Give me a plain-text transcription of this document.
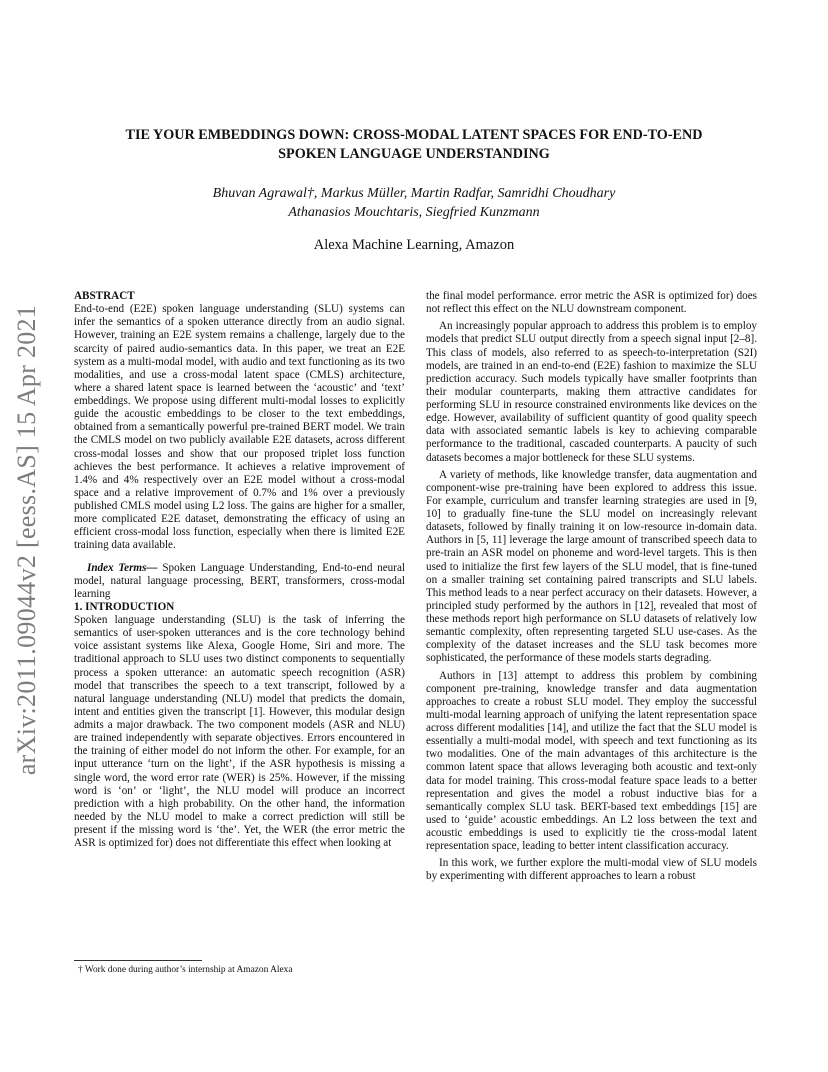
arXiv:2011.09044v2 [eess.AS] 15 Apr 2021
TIE YOUR EMBEDDINGS DOWN: CROSS-MODAL LATENT SPACES FOR END-TO-END
SPOKEN LANGUAGE UNDERSTANDING
Bhuvan Agrawal†, Markus Müller, Martin Radfar, Samridhi Choudhary
Athanasios Mouchtaris, Siegfried Kunzmann
Alexa Machine Learning, Amazon

ABSTRACT

End-to-end (E2E) spoken language understanding (SLU) systems can infer the semantics of a spoken utterance directly from an audio signal. However, training an E2E system remains a challenge, largely due to the scarcity of paired audio-semantics data. In this paper, we treat an E2E system as a multi-modal model, with audio and text functioning as its two modalities, and use a cross-modal latent space (CMLS) architecture, where a shared latent space is learned between the ‘acoustic’ and ‘text’ embeddings. We propose using different multi-modal losses to explicitly guide the acoustic embeddings to be closer to the text embeddings, obtained from a semantically powerful pre-trained BERT model. We train the CMLS model on two publicly available E2E datasets, across different cross-modal losses and show that our proposed triplet loss function achieves the best performance. It achieves a relative improvement of 1.4% and 4% respectively over an E2E model without a cross-modal space and a relative improvement of 0.7% and 1% over a previously published CMLS model using L2 loss. The gains are higher for a smaller, more complicated E2E dataset, demonstrating the efficacy of using an efficient cross-modal loss function, especially when there is limited E2E training data available.

Index Terms— Spoken Language Understanding, End-to-end neural model, natural language processing, BERT, transformers, cross-modal learning

1. INTRODUCTION

Spoken language understanding (SLU) is the task of inferring the semantics of user-spoken utterances and is the core technology behind voice assistant systems like Alexa, Google Home, Siri and more. The traditional approach to SLU uses two distinct components to sequentially process a spoken utterance: an automatic speech recognition (ASR) model that transcribes the speech to a text transcript, followed by a natural language understanding (NLU) model that predicts the domain, intent and entities given the transcript [1]. However, this modular design admits a major drawback. The two component models (ASR and NLU) are trained independently with separate objectives. Errors encountered in the training of either model do not inform the other. For example, for an input utterance ‘turn on the light’, if the ASR hypothesis is missing a single word, the word error rate (WER) is 25%. However, if the missing word is ‘on’ or ‘light’, the NLU model will produce an incorrect prediction with a high probability. On the other hand, the information needed by the NLU model to make a correct prediction will still be present if the missing word is ‘the’. Yet, the WER (the error metric the ASR is optimized for) does not differentiate this effect when looking at

the final model performance. error metric the ASR is optimized for) does not reflect this effect on the NLU downstream component.

An increasingly popular approach to address this problem is to employ models that predict SLU output directly from a speech signal input [2–8]. This class of models, also referred to as speech-to-interpretation (S2I) models, are trained in an end-to-end (E2E) fashion to maximize the SLU prediction accuracy. Such models typically have smaller footprints than their modular counterparts, making them attractive candidates for performing SLU in resource constrained environments like devices on the edge. However, availability of sufficient quantity of good quality speech data with associated semantic labels is key to achieving comparable performance to the traditional, cascaded counterparts. A paucity of such datasets becomes a major bottleneck for these SLU systems.

A variety of methods, like knowledge transfer, data augmentation and component-wise pre-training have been explored to address this issue. For example, curriculum and transfer learning strategies are used in [9, 10] to gradually fine-tune the SLU model on increasingly relevant datasets, followed by finally training it on low-resource in-domain data. Authors in [5, 11] leverage the large amount of transcribed speech data to pre-train an ASR model on phoneme and word-level targets. This is then used to initialize the first few layers of the SLU model, that is fine-tuned on a smaller training set containing paired transcripts and SLU labels. This method leads to a near perfect accuracy on their datasets. However, a principled study performed by the authors in [12], revealed that most of these methods report high performance on SLU datasets of relatively low semantic complexity, often representing targeted SLU use-cases. As the complexity of the dataset increases and the SLU task becomes more sophisticated, the performance of these models starts degrading.

Authors in [13] attempt to address this problem by combining component pre-training, knowledge transfer and data augmentation approaches to create a robust SLU model. They employ the successful multi-modal learning approach of unifying the latent representation space across different modalities [14], and utilize the fact that the SLU model is essentially a multi-modal model, with speech and text functioning as its two modalities. One of the main advantages of this architecture is the common latent space that allows leveraging both acoustic and text-only data for model training. This cross-modal feature space leads to a better representation and gives the model a robust inductive bias for a semantically complex SLU task. BERT-based text embeddings [15] are used to ‘guide’ acoustic embeddings. An L2 loss between the text and acoustic embeddings is used to explicitly tie the cross-modal latent representation space, leading to better intent classification accuracy.

In this work, we further explore the multi-modal view of SLU models by experimenting with different approaches to learn a robust

† Work done during author’s internship at Amazon Alexa
